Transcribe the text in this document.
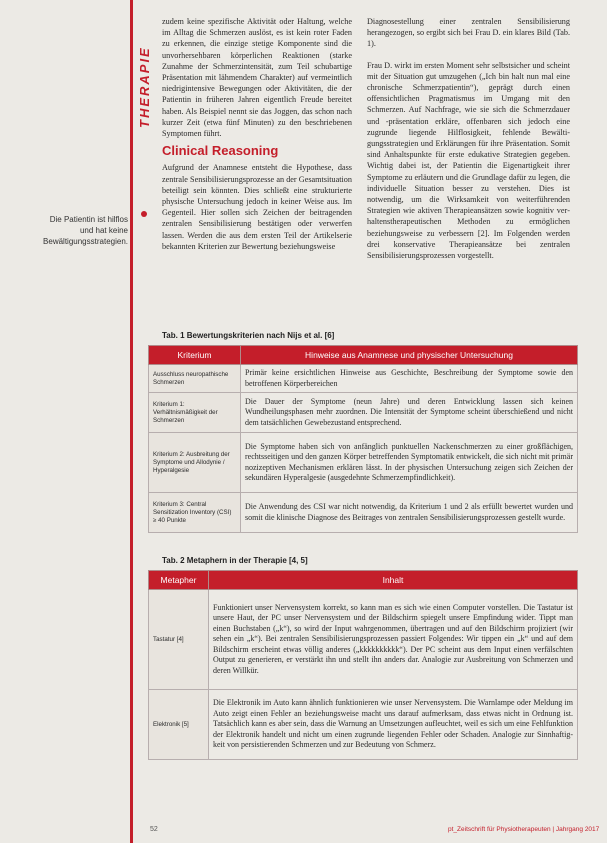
THERAPIE

zudem keine spezifische Aktivität oder Haltung, welche im Alltag die Schmerzen auslöst, es ist kein roter Faden zu erkennen, die einzige stetige Komponente sind die unvorhersehbaren körperlichen Reaktionen (starke Zunahme der Schmerzintensität, zum Teil schubartige Präsentation mit lähmendem Charakter) auf vermeintlich niedrigintensive Bewegungen oder Aktivitäten, die der Patientin in früheren Jahren eigentlich Freude bereitet haben. Als Beispiel nennt sie das Joggen, das schon nach kurzer Zeit (etwa fünf Minuten) zu den beschriebenen Symptomen führt.

Clinical Reasoning

Aufgrund der Anamnese entsteht die Hypothese, dass zentrale Sensibilisierungsprozesse an der Gesamtsituation beteiligt sein könnten. Dies schließt eine strukturierte physische Untersuchung jedoch in keiner Weise aus. Im Gegenteil. Hier sollen sich Zeichen der beitragenden zentralen Sensibilisierung bestätigen oder verwerfen lassen. Werden die aus dem ersten Teil der Artikelserie bekannten Kriterien zur Bewertung beziehungsweise

Diagnosestellung einer zentralen Sensibilisierung herangezogen, so ergibt sich bei Frau D. ein klares Bild (Tab. 1).

Frau D. wirkt im ersten Moment sehr selbstsicher und scheint mit der Situation gut umzugehen („Ich bin halt nun mal eine chronische Schmerzpatientin“), geprägt durch einen offensichtlichen Pragmatismus im Umgang mit den Schmerzen. Auf Nachfrage, wie sie sich die Schmerzdauer und -präsentation erkläre, offenbaren sich jedoch eine zugrunde liegende Hilflosigkeit, fehlende Bewältigungsstrategien und Erklärungen für ihre Präsentation. Somit sind Anhaltspunkte für erste edukative Strategien gegeben. Wichtig dabei ist, der Patientin die Eigenartigkeit ihrer Symptome zu erläutern und die Grundlage dafür zu legen, die individuelle Situation besser zu verstehen. Dies ist notwendig, um die Wirksamkeit von weiterführenden Strategien wie aktiven Therapieansätzen sowie kognitiv verhaltenstherapeutischen Methoden zu ermöglichen beziehungsweise zu verbessern [2]. Im Folgenden werden drei konservative Therapieansätze bei zentralen Sensibilisierungsprozessen vorgestellt.

Die Patientin ist hilflos und hat keine Bewältigungsstrategien.
Tab. 1 Bewertungskriterien nach Nijs et al. [6]
Kriterium	Hinweise aus Anamnese und physischer Untersuchung
Ausschluss neuropathische Schmerzen	Primär keine ersichtlichen Hinweise aus Geschichte, Beschreibung der Symptome sowie den betroffenen Körperbereichen
Kriterium 1: Verhältnismäßigkeit der Schmerzen	Die Dauer der Symptome (neun Jahre) und deren Entwicklung lassen sich keinen Wundheilungsphasen mehr zuordnen. Die Intensität der Symptome scheint überschießend und nicht dem tatsächlichen Gewebezustand entsprechend.
Kriterium 2: Ausbreitung der Symptome und Allodynie / Hyperalgesie	Die Symptome haben sich von anfänglich punktuellen Nackenschmerzen zu einer großflächigen, rechtsseitigen und den ganzen Körper betreffenden Symptomatik entwickelt, die sich nicht mit primär nozizeptiven Mechanismen erklären lässt. In der physischen Untersuchung zeigen sich Zeichen der sekundären Hyperalgesie (ausgedehnte Schmerzempfindlichkeit).
Kriterium 3: Central Sensitization Inventory (CSI) ≥ 40 Punkte	Die Anwendung des CSI war nicht notwendig, da Kriterium 1 und 2 als erfüllt bewertet wurden und somit die klinische Diagnose des Beitrages von zentralen Sensibilisierungsprozessen gestellt wurde.
Tab. 2 Metaphern in der Therapie [4, 5]
Metapher	Inhalt
Tastatur [4]	Funktioniert unser Nervensystem korrekt, so kann man es sich wie einen Computer vorstellen. Die Tastatur ist unsere Haut, der PC unser Nervensystem und der Bildschirm spiegelt unsere Empfindung wider. Tippt man einen Buchstaben („k“), so wird der Input wahrgenommen, übertragen und auf den Bildschirm projiziert (wir sehen ein „k“). Bei zentralen Sensibilisierungsprozessen passiert Folgendes: Wir tippen ein „k“ und auf dem Bildschirm erscheint etwas völlig anderes („kkkkkkkkkk“). Der PC scheint aus dem Input einen verfälschten Output zu generieren, er verstärkt ihn und stellt ihn anders dar. Analogie zur Ausbreitung von Schmerzen und deren Willkür.
Elektronik [5]	Die Elektronik im Auto kann ähnlich funktionieren wie unser Nervensystem. Die Warnlampe oder Meldung im Auto zeigt einen Fehler an beziehungsweise macht uns darauf aufmerksam, dass etwas nicht in Ordnung ist. Tatsächlich kann es aber sein, dass die Warnung an Umsetzungen aufleuchtet, weil es sich um eine Fehlfunktion der Elektronik handelt und nicht um einen zugrunde liegenden Fehler oder Schaden. Analogie zur Sinnhaftigkeit von persistierenden Schmerzen und zur Bedeutung von Schmerz.
52	pt_Zeitschrift für Physiotherapeuten | Jahrgang 2017
